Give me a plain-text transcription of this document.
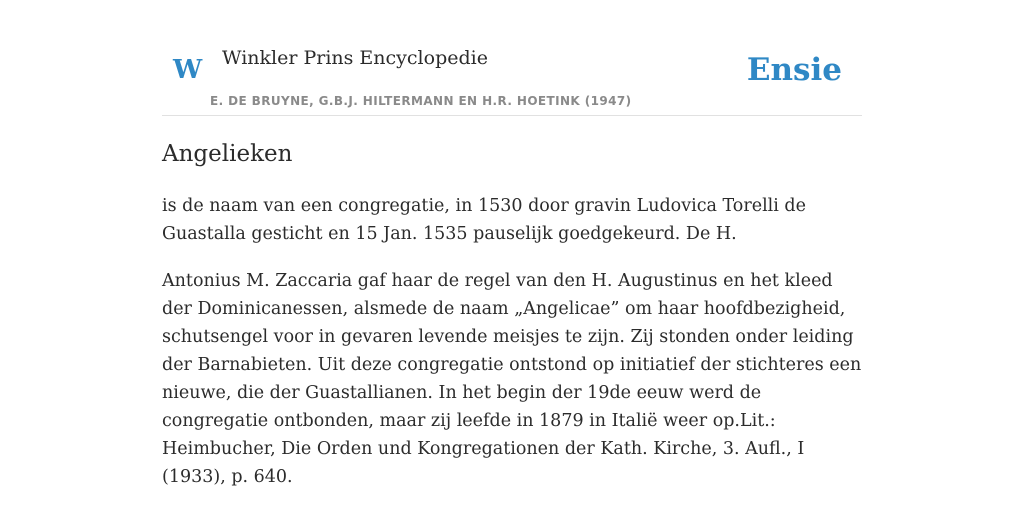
W Winkler Prins Encyclopedie
E. DE BRUYNE, G.B.J. HILTERMANN EN H.R. HOETINK (1947)
Ensie
Angelieken

is de naam van een congregatie, in 1530 door gravin Ludovica Torelli de Guastalla gesticht en 15 Jan. 1535 pauselijk goedgekeurd. De H.

Antonius M. Zaccaria gaf haar de regel van den H. Augustinus en het kleed der Dominicanessen, alsmede de naam „Angelicae” om haar hoofdbezigheid, schutsengel voor in gevaren levende meisjes te zijn. Zij stonden onder leiding der Barnabieten. Uit deze congregatie ontstond op initiatief der stichteres een nieuwe, die der Guastallianen. In het begin der 19de eeuw werd de congregatie ontbonden, maar zij leefde in 1879 in Italië weer op.Lit.: Heimbucher, Die Orden und Kongregationen der Kath. Kirche, 3. Aufl., I (1933), p. 640.
